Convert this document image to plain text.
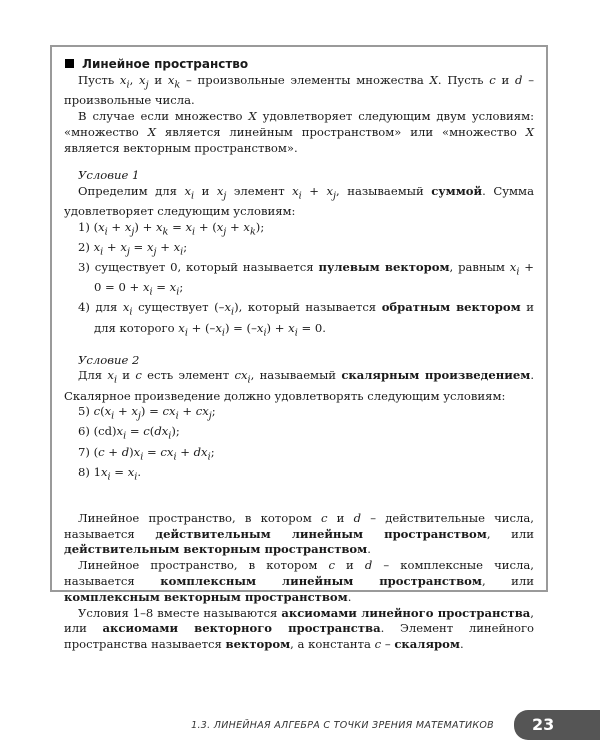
Линейное пространство

Пусть $x_i$, $x_j$ и $x_k$ – произвольные элементы множества X. Пусть c и d – произвольные числа.

В случае если множество X удовлетворяет следующим двум условиям: «множество X является линейным пространством» или «множество X является векторным пространством».

Условие 1

Определим для $x_i$ и $x_j$ элемент $x_i + x_j$, называемый суммой. Сумма удовлетворяет следующим условиям:

1) $(x_i + x_j) + x_k = x_i + (x_j + x_k)$;

2) $x_i + x_j = x_j + x_i$;

3) существует 0, который называется пулевым вектором, равным $x_i + 0 = 0 + x_i = x_i$;

4) для $x_i$ существует $(-x_i)$, который называется обратным вектором и для которого $x_i + (-x_i) = (-x_i) + x_i = 0$.

Условие 2

Для $x_i$ и c есть элемент $cx_i$, называемый скалярным произведением. Скалярное произведение должно удовлетворять следующим условиям:

5) $c(x_i + x_j) = cx_i + cx_j$;

6) $(cd)x_i = c(dx_i)$;

7) $(c + d)x_i = cx_i + dx_i$;

8) $1x_i = x_i$.

Линейное пространство, в котором c и d – действительные числа, называется действительным линейным пространством, или действительным векторным пространством.

Линейное пространство, в котором c и d – комплексные числа, называется комплексным линейным пространством, или комплексным векторным пространством.

Условия 1–8 вместе называются аксиомами линейного пространства, или аксиомами векторного пространства. Элемент линейного пространства называется вектором, а константа c – скаляром.

1.3. ЛИНЕЙНАЯ АЛГЕБРА С ТОЧКИ ЗРЕНИЯ МАТЕМАТИКОВ	23
